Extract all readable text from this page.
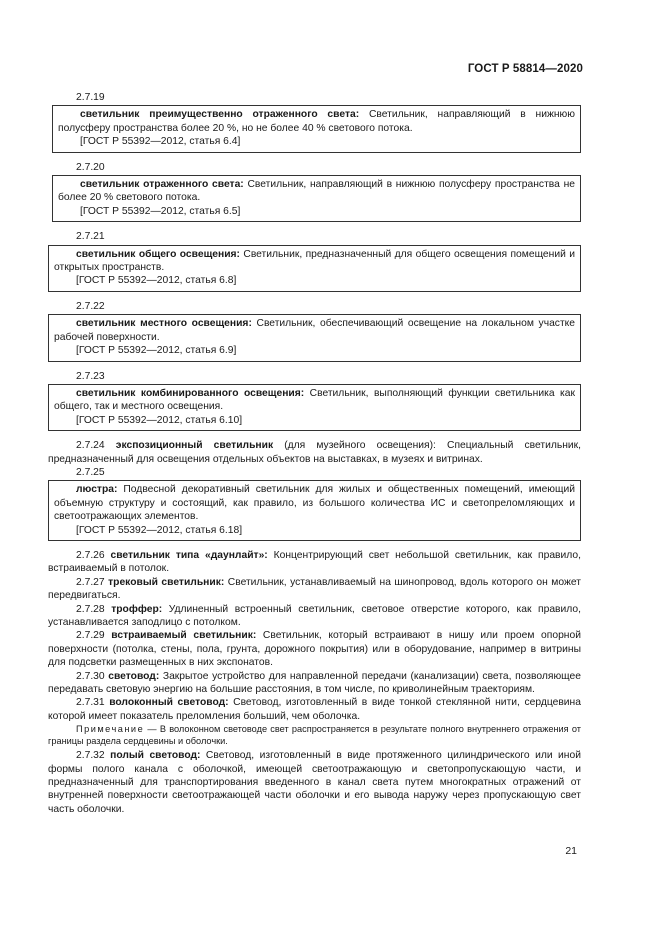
ГОСТ Р 58814—2020
2.7.19

светильник преимущественно отраженного света: Светильник, направляющий в нижнюю полусферу пространства более 20 %, но не более 40 % светового потока.

[ГОСТ Р 55392—2012, статья 6.4]

2.7.20

светильник отраженного света: Светильник, направляющий в нижнюю полусферу пространства не более 20 % светового потока.

[ГОСТ Р 55392—2012, статья 6.5]

2.7.21

светильник общего освещения: Светильник, предназначенный для общего освещения помещений и открытых пространств.

[ГОСТ Р 55392—2012, статья 6.8]

2.7.22

светильник местного освещения: Светильник, обеспечивающий освещение на локальном участке рабочей поверхности.

[ГОСТ Р 55392—2012, статья 6.9]

2.7.23

светильник комбинированного освещения: Светильник, выполняющий функции светильника как общего, так и местного освещения.

[ГОСТ Р 55392—2012, статья 6.10]

2.7.24 экспозиционный светильник (для музейного освещения): Специальный светильник, предназначенный для освещения отдельных объектов на выставках, в музеях и витринах.

2.7.25

люстра: Подвесной декоративный светильник для жилых и общественных помещений, имеющий объемную структуру и состоящий, как правило, из большого количества ИС и светопреломляющих и светоотражающих элементов.

[ГОСТ Р 55392—2012, статья 6.18]

2.7.26 светильник типа «даунлайт»: Концентрирующий свет небольшой светильник, как правило, встраиваемый в потолок.

2.7.27 трековый светильник: Светильник, устанавливаемый на шинопровод, вдоль которого он может передвигаться.

2.7.28 троффер: Удлиненный встроенный светильник, световое отверстие которого, как правило, устанавливается заподлицо с потолком.

2.7.29 встраиваемый светильник: Светильник, который встраивают в нишу или проем опорной поверхности (потолка, стены, пола, грунта, дорожного покрытия) или в оборудование, например в витрины для подсветки размещенных в них экспонатов.

2.7.30 световод: Закрытое устройство для направленной передачи (канализации) света, позволяющее передавать световую энергию на большие расстояния, в том числе, по криволинейным траекториям.

2.7.31 волоконный световод: Световод, изготовленный в виде тонкой стеклянной нити, сердцевина которой имеет показатель преломления больший, чем оболочка.

Примечание — В волоконном световоде свет распространяется в результате полного внутреннего отражения от границы раздела сердцевины и оболочки.

2.7.32 полый световод: Световод, изготовленный в виде протяженного цилиндрического или иной формы полого канала с оболочкой, имеющей светоотражающую и светопропускающую части, и предназначенный для транспортирования введенного в канал света путем многократных отражений от внутренней поверхности светоотражающей части оболочки и его вывода наружу через пропускающую свет часть оболочки.

21
